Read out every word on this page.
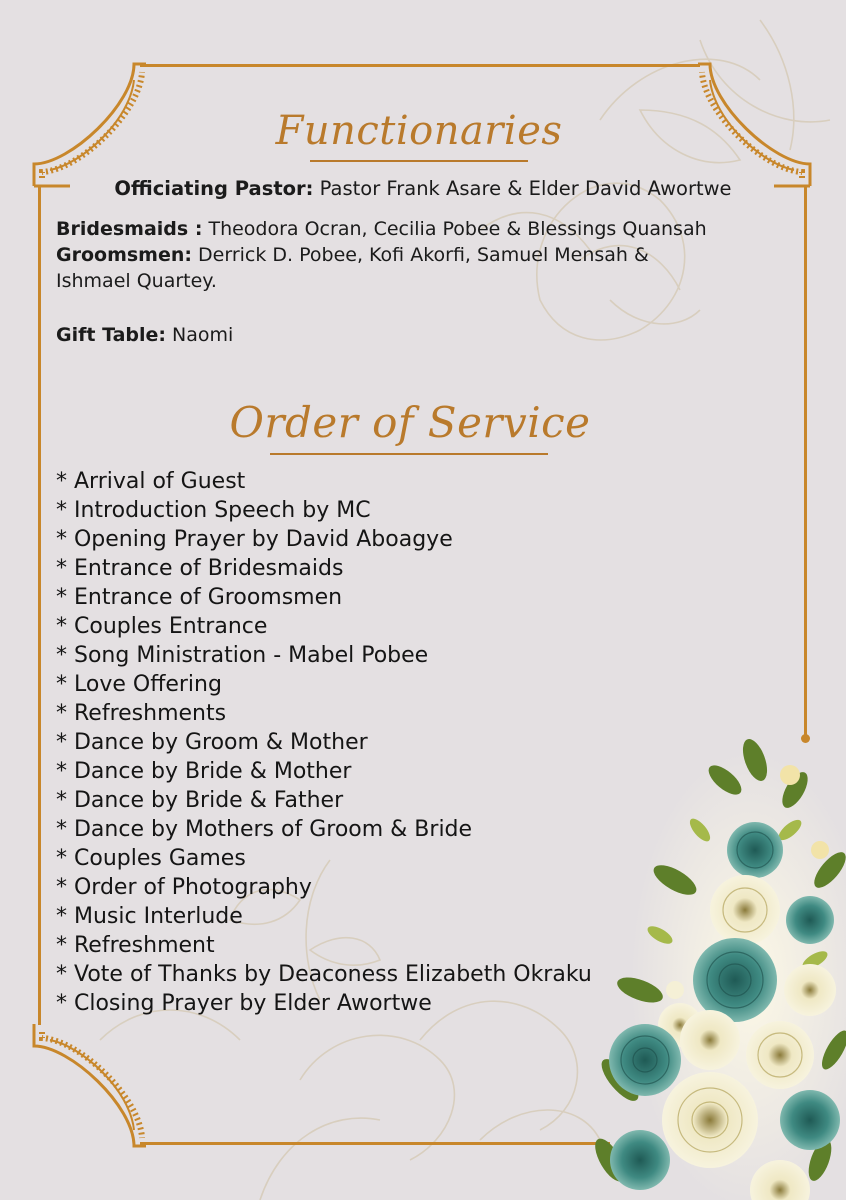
Functionaries
Officiating Pastor: Pastor Frank Asare & Elder David Awortwe
Bridesmaids : Theodora Ocran, Cecilia Pobee & Blessings Quansah
Groomsmen: Derrick D. Pobee, Kofi Akorfi, Samuel Mensah &
Ishmael Quartey.
Gift Table: Naomi
Order of Service
* Arrival of Guest
* Introduction Speech by MC
* Opening Prayer by David Aboagye
* Entrance of Bridesmaids
* Entrance of Groomsmen
* Couples Entrance
* Song Ministration - Mabel Pobee
* Love Offering
* Refreshments
* Dance by Groom & Mother
* Dance by Bride & Mother
* Dance by Bride & Father
* Dance by Mothers of Groom & Bride
* Couples Games
* Order of Photography
* Music Interlude
* Refreshment
* Vote of Thanks by Deaconess Elizabeth Okraku
* Closing Prayer by Elder Awortwe
